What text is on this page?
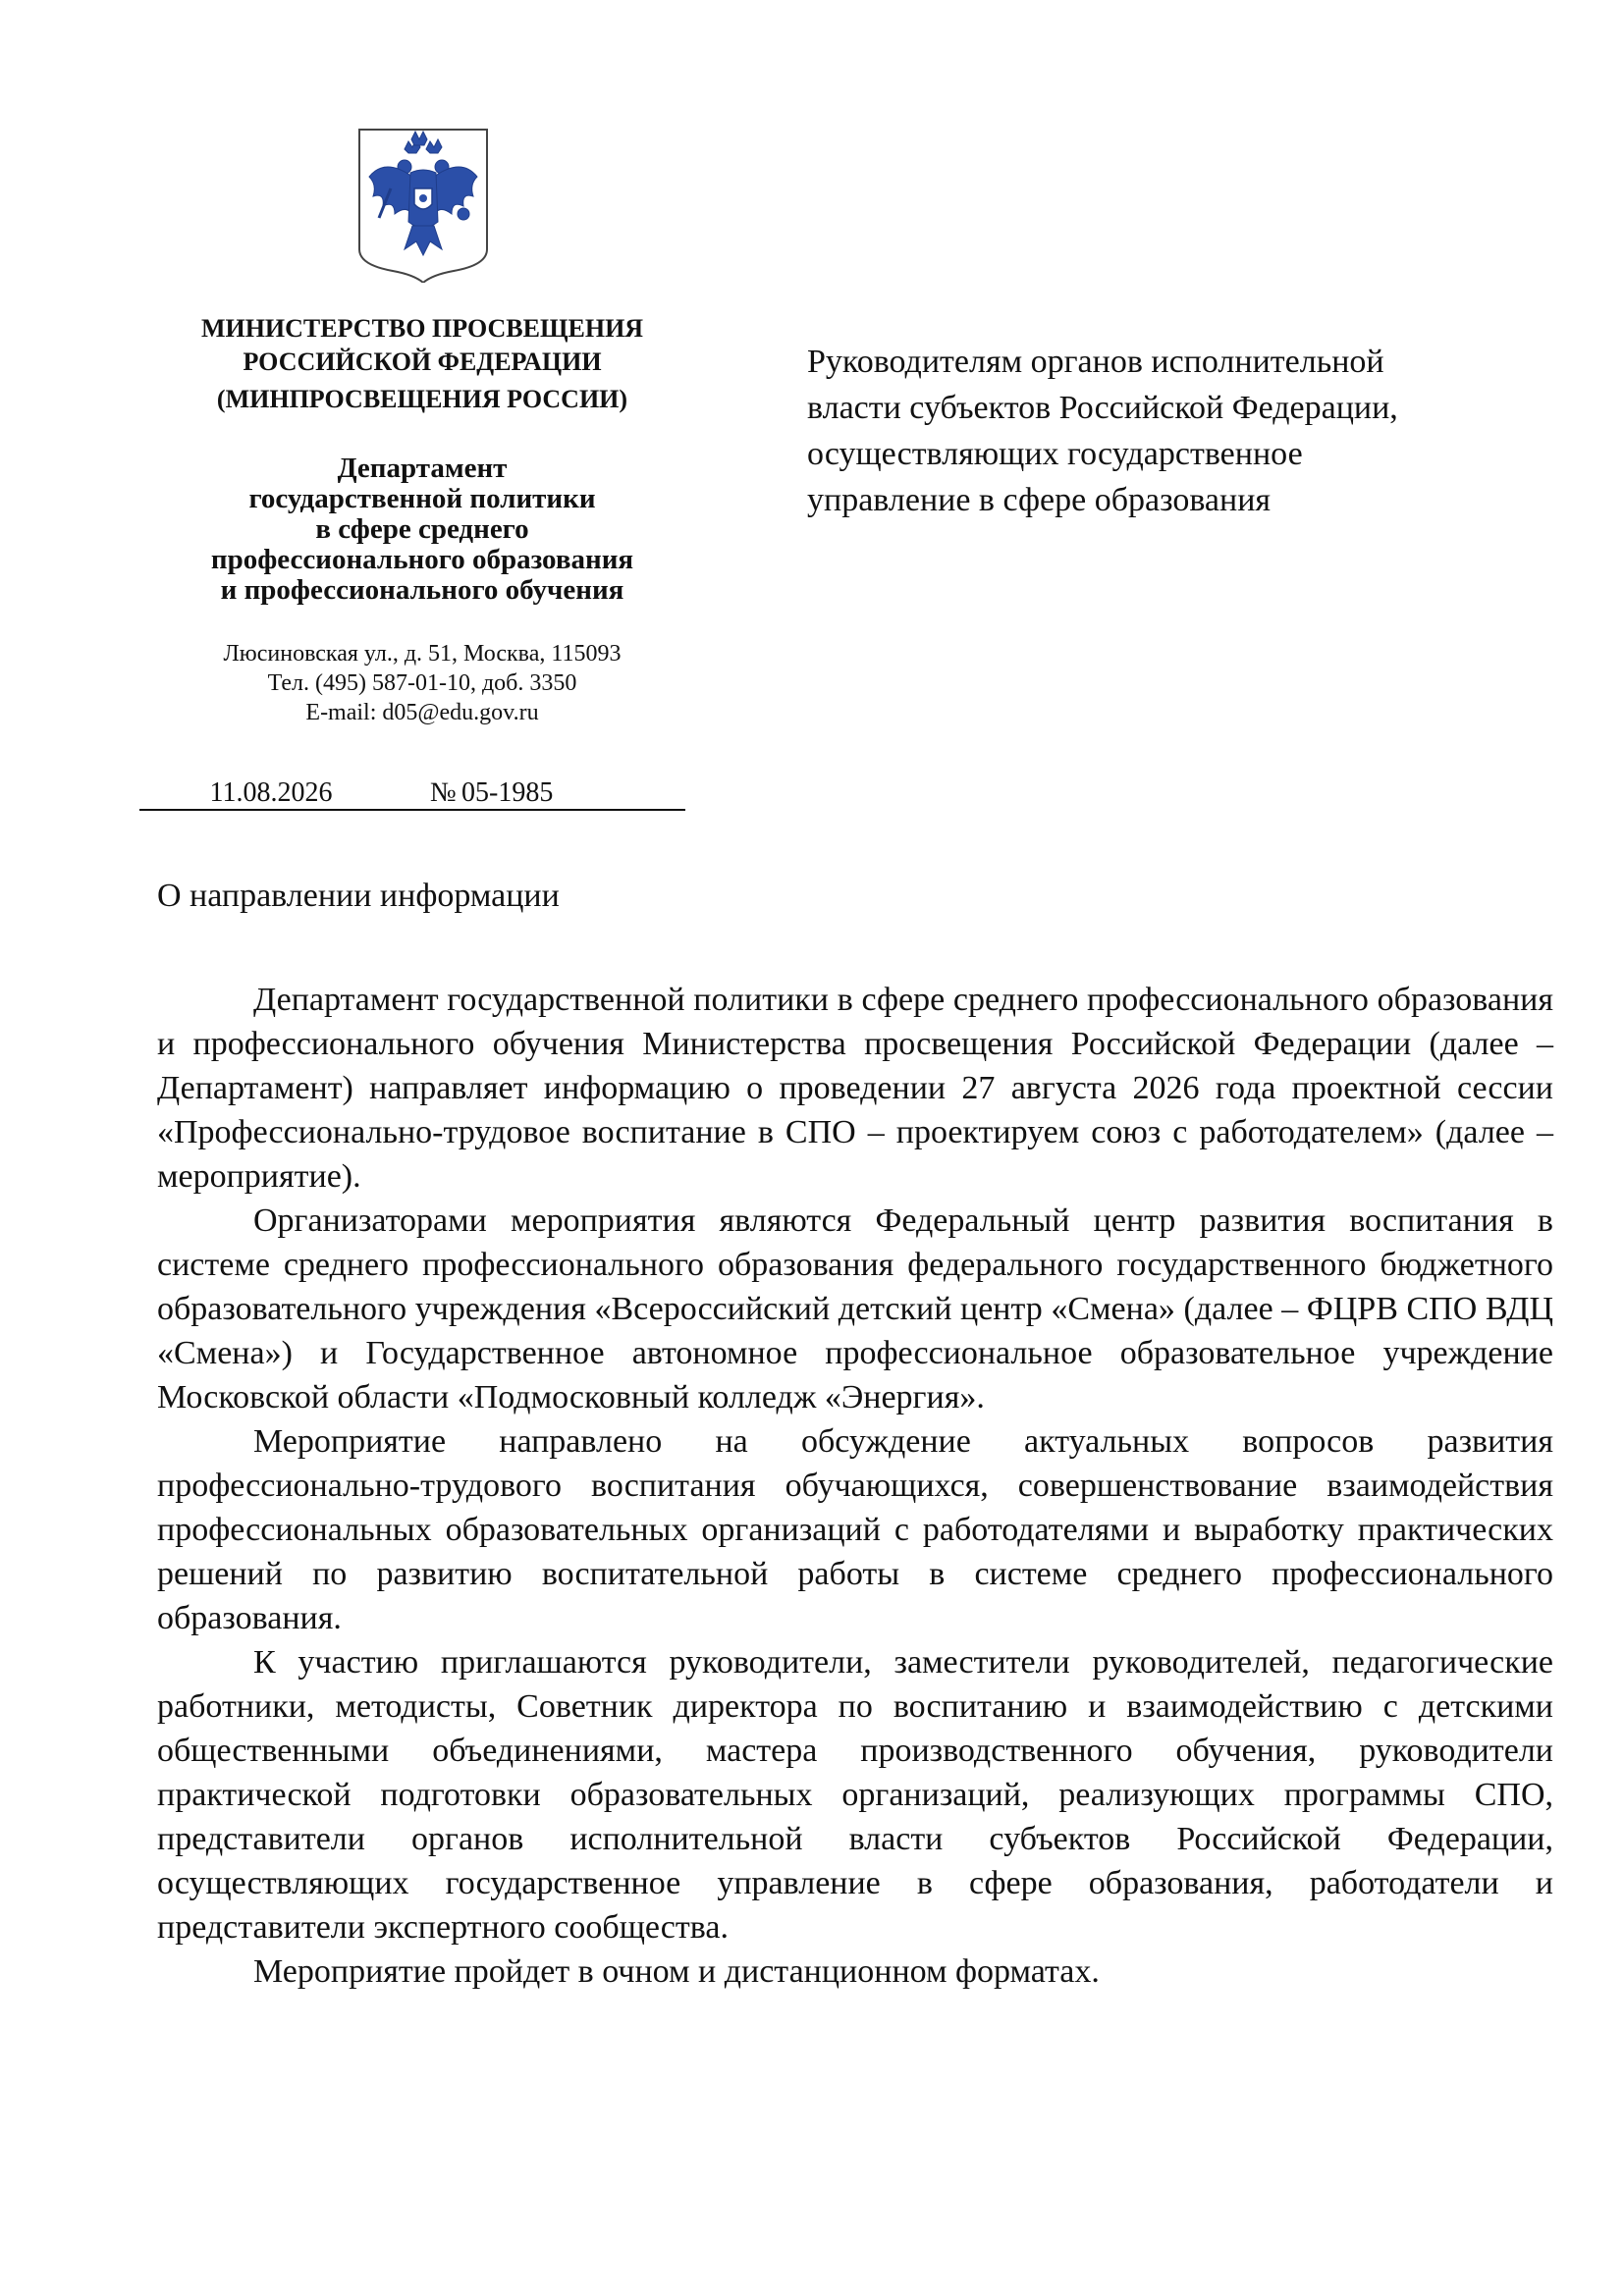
МИНИСТЕРСТВО ПРОСВЕЩЕНИЯ
РОССИЙСКОЙ ФЕДЕРАЦИИ

(МИНПРОСВЕЩЕНИЯ РОССИИ)

Департамент
государственной политики
в сфере среднего
профессионального образования
и профессионального обучения
Люсиновская ул., д. 51, Москва, 115093
Тел. (495) 587-01-10, доб. 3350
E-mail: d05@edu.gov.ru
11.08.2026	05-1985
№
Руководителям органов исполнительной
власти субъектов Российской Федерации,
осуществляющих государственное
управление в сфере образования
О направлении информации

Департамент государственной политики в сфере среднего профессионального образования и профессионального обучения Министерства просвещения Российской Федерации (далее – Департамент) направляет информацию о проведении 27 августа 2026 года проектной сессии «Профессионально-трудовое воспитание в СПО – проектируем союз с работодателем» (далее – мероприятие).

Организаторами мероприятия являются Федеральный центр развития воспитания в системе среднего профессионального образования федерального государственного бюджетного образовательного учреждения «Всероссийский детский центр «Смена» (далее – ФЦРВ СПО ВДЦ «Смена») и Государственное автономное профессиональное образовательное учреждение Московской области «Подмосковный колледж «Энергия».

Мероприятие направлено на обсуждение актуальных вопросов развития профессионально-трудового воспитания обучающихся, совершенствование взаимодействия профессиональных образовательных организаций с работодателями и выработку практических решений по развитию воспитательной работы в системе среднего профессионального образования.

К участию приглашаются руководители, заместители руководителей, педагогические работники, методисты, Советник директора по воспитанию и взаимодействию с детскими общественными объединениями, мастера производственного обучения, руководители практической подготовки образовательных организаций, реализующих программы СПО, представители органов исполнительной власти субъектов Российской Федерации, осуществляющих государственное управление в сфере образования, работодатели и представители экспертного сообщества.

Мероприятие пройдет в очном и дистанционном форматах.
